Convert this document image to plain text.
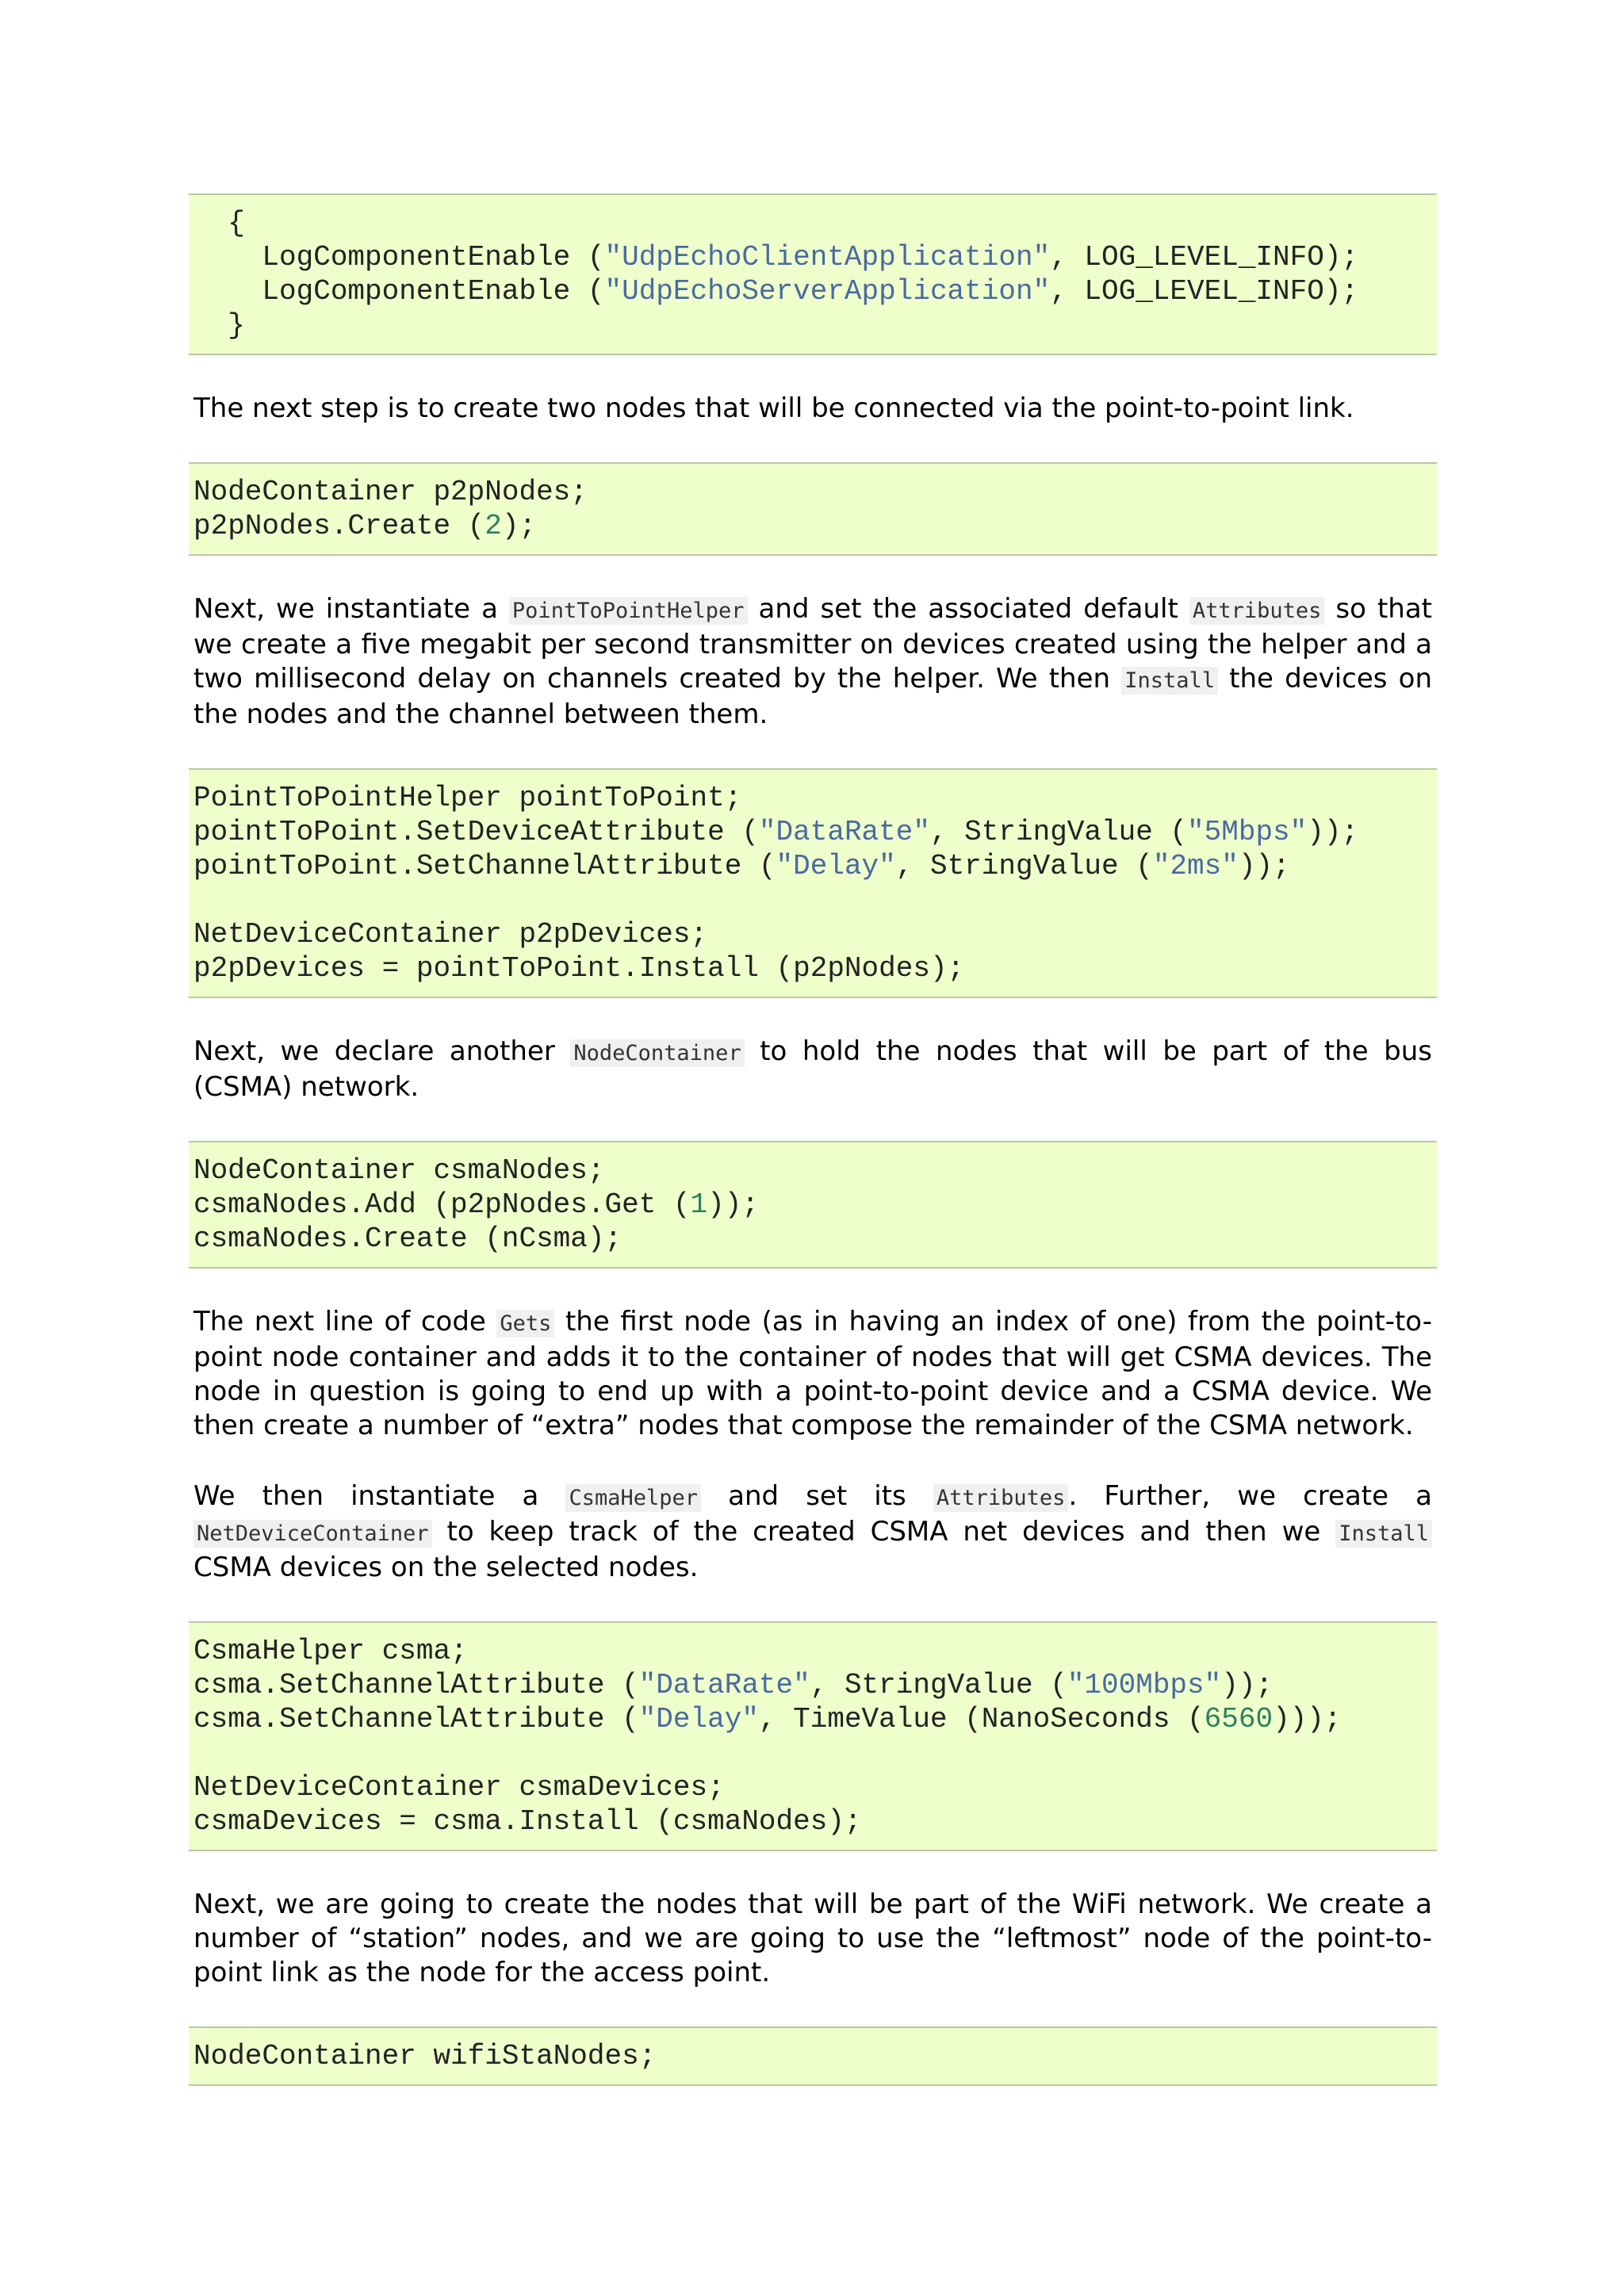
{
LogComponentEnable ("UdpEchoClientApplication", LOG_LEVEL_INFO);
LogComponentEnable ("UdpEchoServerApplication", LOG_LEVEL_INFO);
}

The next step is to create two nodes that will be connected via the point-to-point link.

NodeContainer p2pNodes;
p2pNodes.Create (2);

Next, we instantiate a PointToPointHelper and set the associated default Attributes so that we create a five megabit per second transmitter on devices created using the helper and a two millisecond delay on channels created by the helper. We then Install the devices on the nodes and the channel between them.

PointToPointHelper pointToPoint;
pointToPoint.SetDeviceAttribute ("DataRate", StringValue ("5Mbps"));
pointToPoint.SetChannelAttribute ("Delay", StringValue ("2ms"));
NetDeviceContainer p2pDevices;
p2pDevices = pointToPoint.Install (p2pNodes);

Next, we declare another NodeContainer to hold the nodes that will be part of the bus (CSMA) network.

NodeContainer csmaNodes;
csmaNodes.Add (p2pNodes.Get (1));
csmaNodes.Create (nCsma);

The next line of code Gets the first node (as in having an index of one) from the point-to-point node container and adds it to the container of nodes that will get CSMA devices. The node in question is going to end up with a point-to-point device and a CSMA device. We then create a number of “extra” nodes that compose the remainder of the CSMA network.

We then instantiate a CsmaHelper and set its Attributes . Further, we create a NetDeviceContainer to keep track of the created CSMA net devices and then we Install CSMA devices on the selected nodes.

CsmaHelper csma;
csma.SetChannelAttribute ("DataRate", StringValue ("100Mbps"));
csma.SetChannelAttribute ("Delay", TimeValue (NanoSeconds (6560)));
NetDeviceContainer csmaDevices;
csmaDevices = csma.Install (csmaNodes);

Next, we are going to create the nodes that will be part of the WiFi network. We create a number of “station” nodes, and we are going to use the “leftmost” node of the point-to-point link as the node for the access point.

NodeContainer wifiStaNodes;
